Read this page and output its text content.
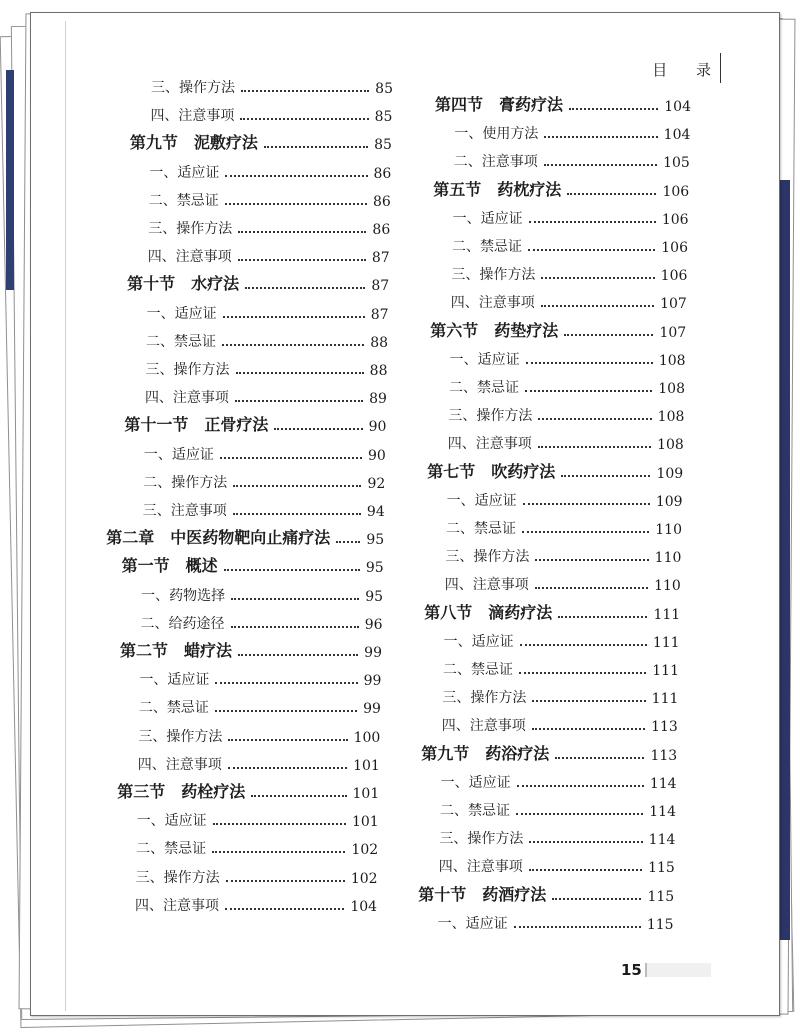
目 录
三、操作方法	85
四、注意事项	85
第九节　泥敷疗法	85
一、适应证	86
二、禁忌证	86
三、操作方法	86
四、注意事项	87
第十节　水疗法	87
一、适应证	87
二、禁忌证	88
三、操作方法	88
四、注意事项	89
第十一节　正骨疗法	90
一、适应证	90
二、操作方法	92
三、注意事项	94
第二章　中医药物靶向止痛疗法	95
第一节　概述	95
一、药物选择	95
二、给药途径	96
第二节　蜡疗法	99
一、适应证	99
二、禁忌证	99
三、操作方法	100
四、注意事项	101
第三节　药栓疗法	101
一、适应证	101
二、禁忌证	102
三、操作方法	102
四、注意事项	104
第四节　膏药疗法	104
一、使用方法	104
二、注意事项	105
第五节　药枕疗法	106
一、适应证	106
二、禁忌证	106
三、操作方法	106
四、注意事项	107
第六节　药垫疗法	107
一、适应证	108
二、禁忌证	108
三、操作方法	108
四、注意事项	108
第七节　吹药疗法	109
一、适应证	109
二、禁忌证	110
三、操作方法	110
四、注意事项	110
第八节　滴药疗法	111
一、适应证	111
二、禁忌证	111
三、操作方法	111
四、注意事项	113
第九节　药浴疗法	113
一、适应证	114
二、禁忌证	114
三、操作方法	114
四、注意事项	115
第十节　药酒疗法	115
一、适应证	115
15
